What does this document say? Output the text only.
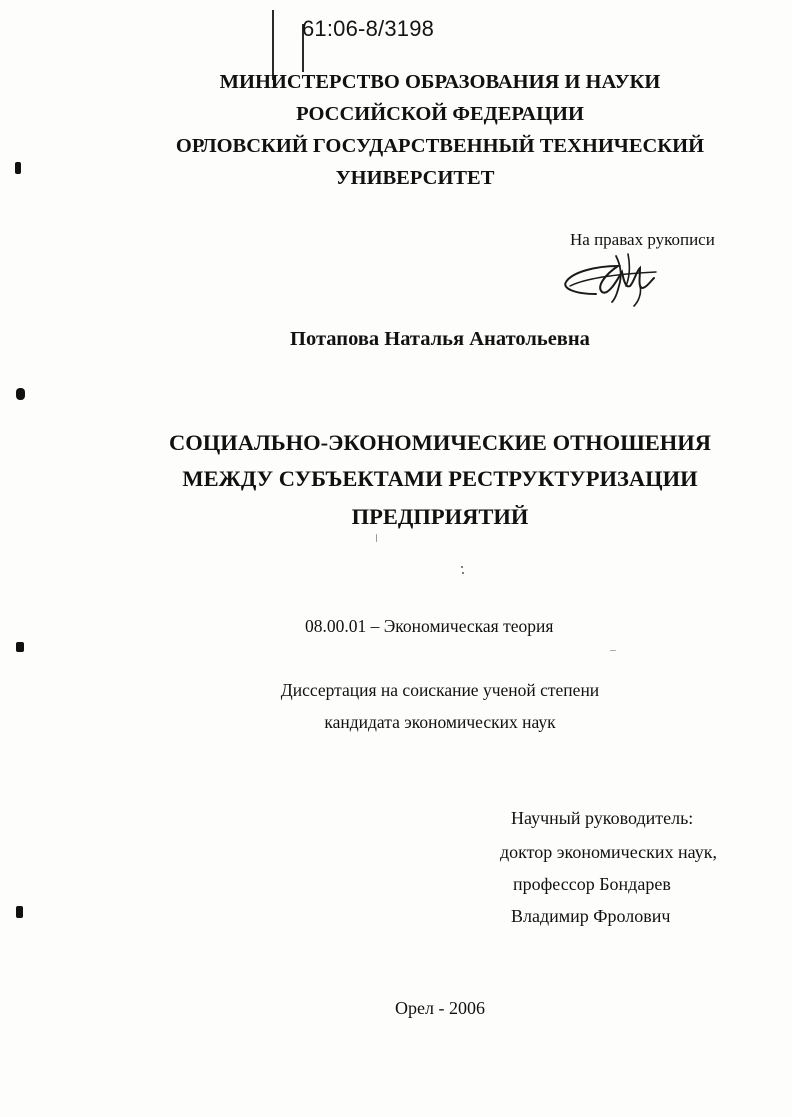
61:06-8/3198
МИНИСТЕРСТВО ОБРАЗОВАНИЯ И НАУКИ
РОССИЙСКОЙ ФЕДЕРАЦИИ
ОРЛОВСКИЙ ГОСУДАРСТВЕННЫЙ ТЕХНИЧЕСКИЙ
УНИВЕРСИТЕТ
На правах рукописи
Потапова Наталья Анатольевна
СОЦИАЛЬНО-ЭКОНОМИЧЕСКИЕ ОТНОШЕНИЯ
МЕЖДУ СУБЪЕКТАМИ РЕСТРУКТУРИЗАЦИИ
ПРЕДПРИЯТИЙ
08.00.01 – Экономическая теория
Диссертация на соискание ученой степени
кандидата экономических наук
Научный руководитель:
доктор экономических наук,
профессор Бондарев
Владимир Фролович
Орел - 2006
